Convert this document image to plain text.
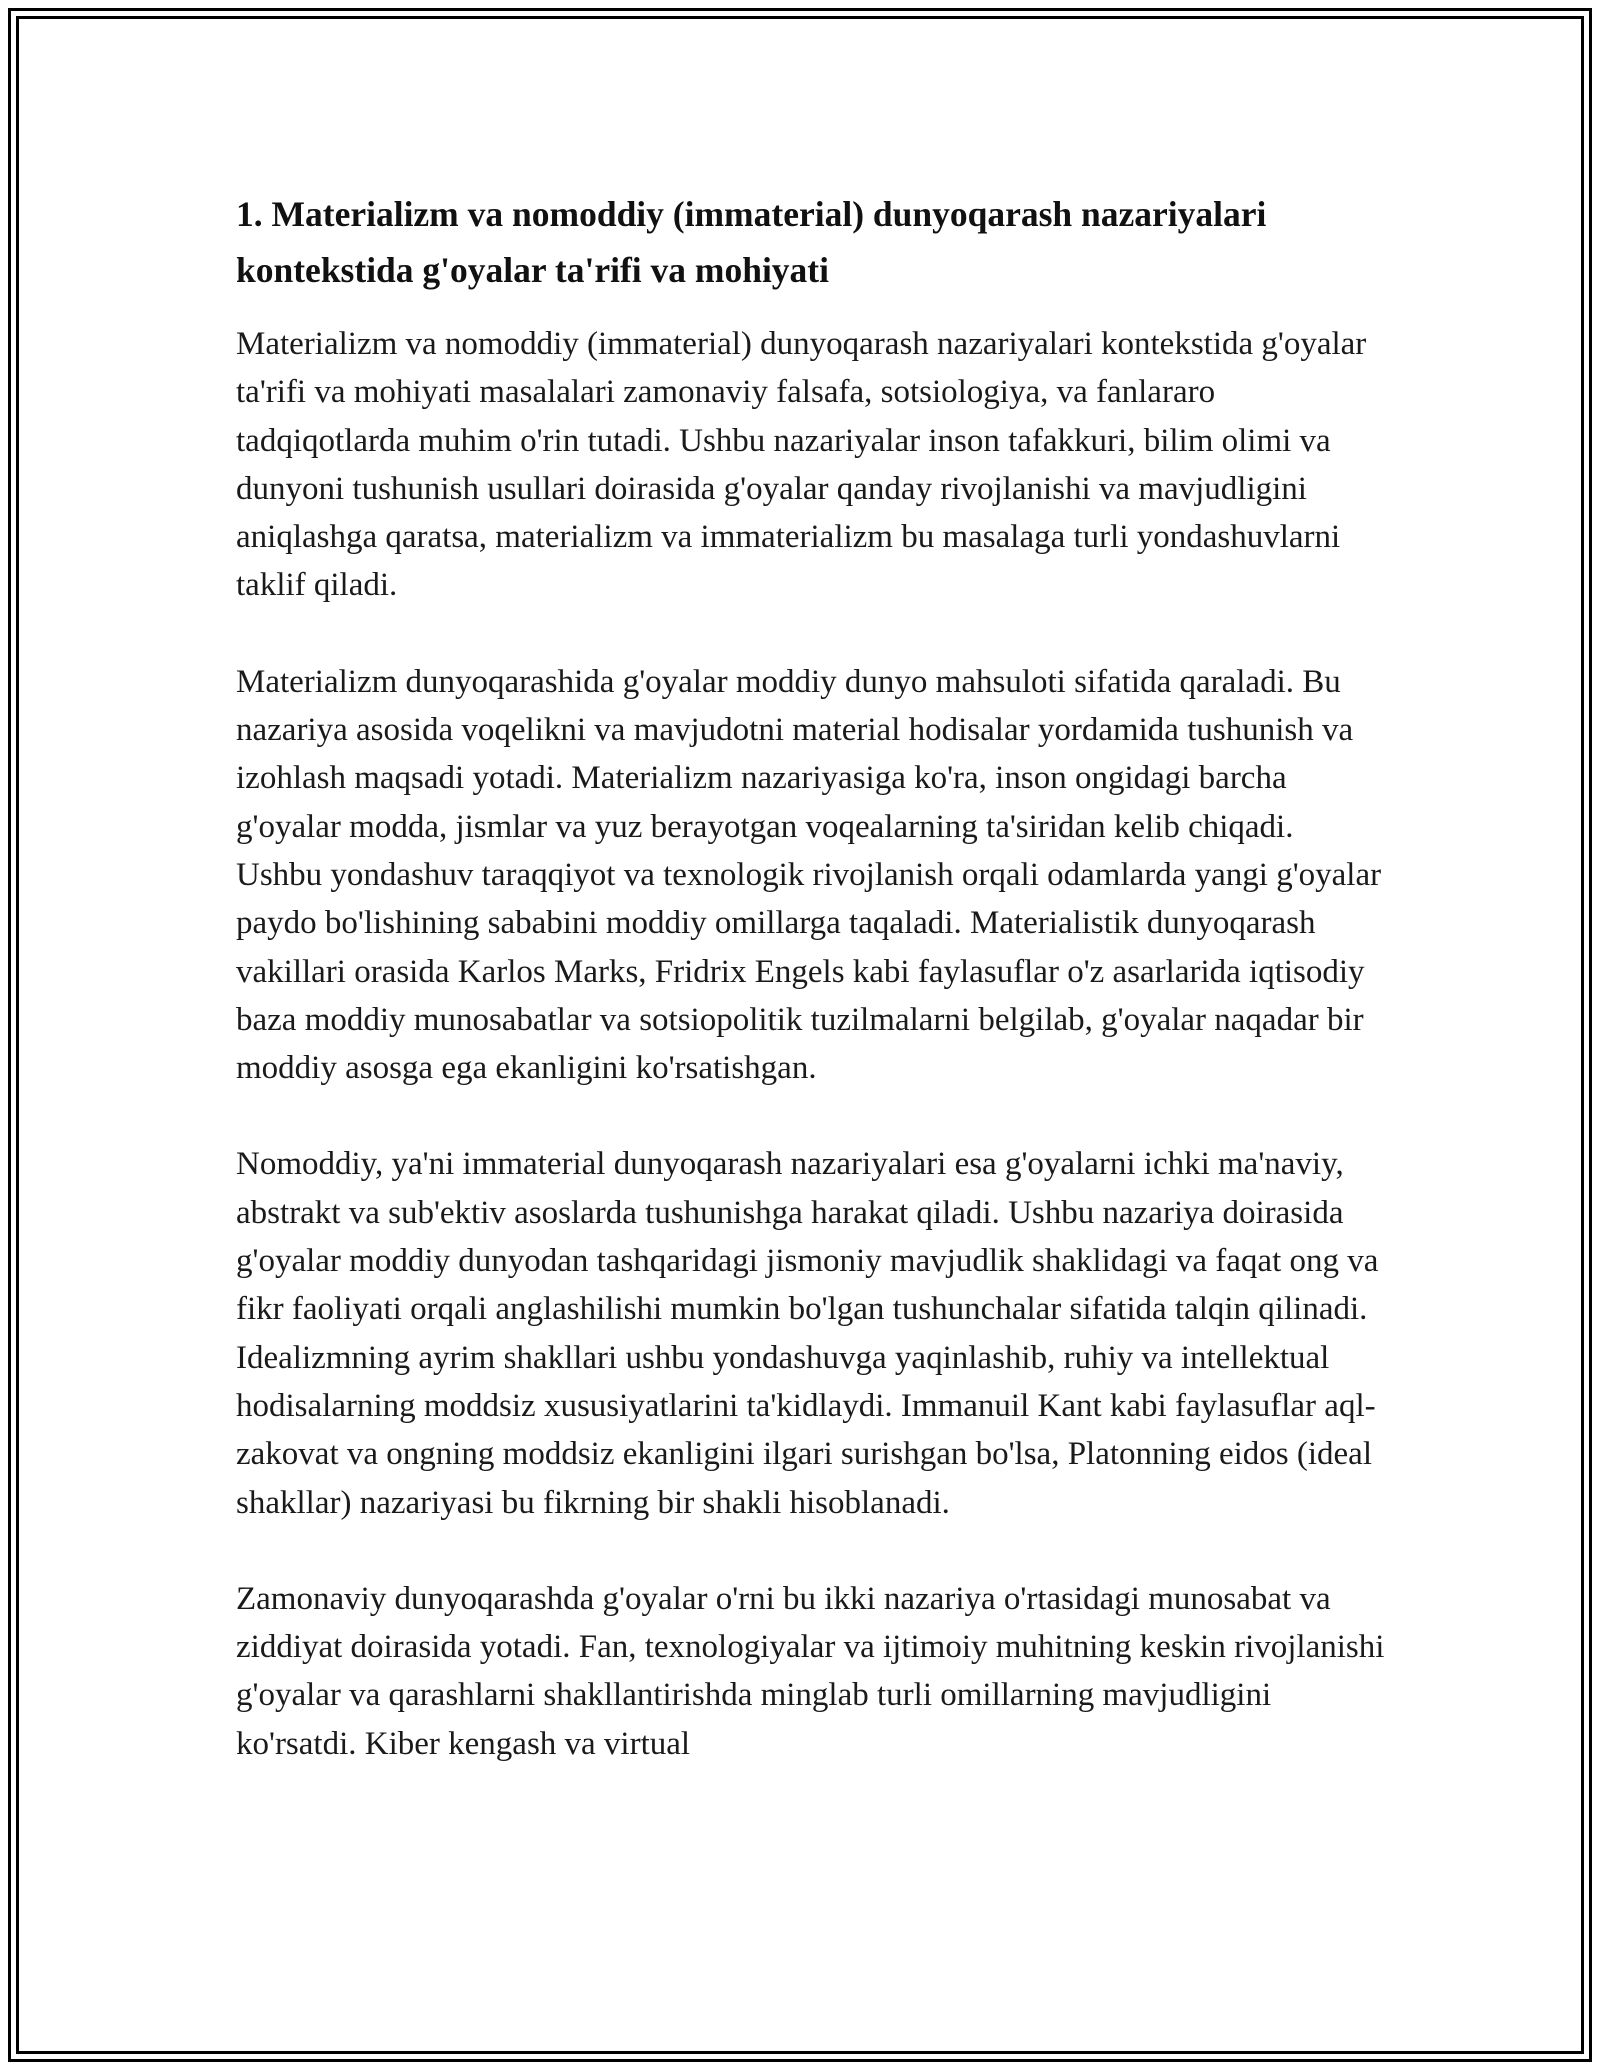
1. Materializm va nomoddiy (immaterial) dunyoqarash nazariyalari kontekstida g'oyalar ta'rifi va mohiyati

Materializm va nomoddiy (immaterial) dunyoqarash nazariyalari kontekstida g'oyalar ta'rifi va mohiyati masalalari zamonaviy falsafa, sotsiologiya, va fanlararo tadqiqotlarda muhim o'rin tutadi. Ushbu nazariyalar inson tafakkuri, bilim olimi va dunyoni tushunish usullari doirasida g'oyalar qanday rivojlanishi va mavjudligini aniqlashga qaratsa, materializm va immaterializm bu masalaga turli yondashuvlarni taklif qiladi.

Materializm dunyoqarashida g'oyalar moddiy dunyo mahsuloti sifatida qaraladi. Bu nazariya asosida voqelikni va mavjudotni material hodisalar yordamida tushunish va izohlash maqsadi yotadi. Materializm nazariyasiga ko'ra, inson ongidagi barcha g'oyalar modda, jismlar va yuz berayotgan voqealarning ta'siridan kelib chiqadi. Ushbu yondashuv taraqqiyot va texnologik rivojlanish orqali odamlarda yangi g'oyalar paydo bo'lishining sababini moddiy omillarga taqaladi. Materialistik dunyoqarash vakillari orasida Karlos Marks, Fridrix Engels kabi faylasuflar o'z asarlarida iqtisodiy baza moddiy munosabatlar va sotsiopolitik tuzilmalarni belgilab, g'oyalar naqadar bir moddiy asosga ega ekanligini ko'rsatishgan.

Nomoddiy, ya'ni immaterial dunyoqarash nazariyalari esa g'oyalarni ichki ma'naviy, abstrakt va sub'ektiv asoslarda tushunishga harakat qiladi. Ushbu nazariya doirasida g'oyalar moddiy dunyodan tashqaridagi jismoniy mavjudlik shaklidagi va faqat ong va fikr faoliyati orqali anglashilishi mumkin bo'lgan tushunchalar sifatida talqin qilinadi. Idealizmning ayrim shakllari ushbu yondashuvga yaqinlashib, ruhiy va intellektual hodisalarning moddsiz xususiyatlarini ta'kidlaydi. Immanuil Kant kabi faylasuflar aql-zakovat va ongning moddsiz ekanligini ilgari surishgan bo'lsa, Platonning eidos (ideal shakllar) nazariyasi bu fikrning bir shakli hisoblanadi.

Zamonaviy dunyoqarashda g'oyalar o'rni bu ikki nazariya o'rtasidagi munosabat va ziddiyat doirasida yotadi. Fan, texnologiyalar va ijtimoiy muhitning keskin rivojlanishi g'oyalar va qarashlarni shakllantirishda minglab turli omillarning mavjudligini ko'rsatdi. Kiber kengash va virtual
